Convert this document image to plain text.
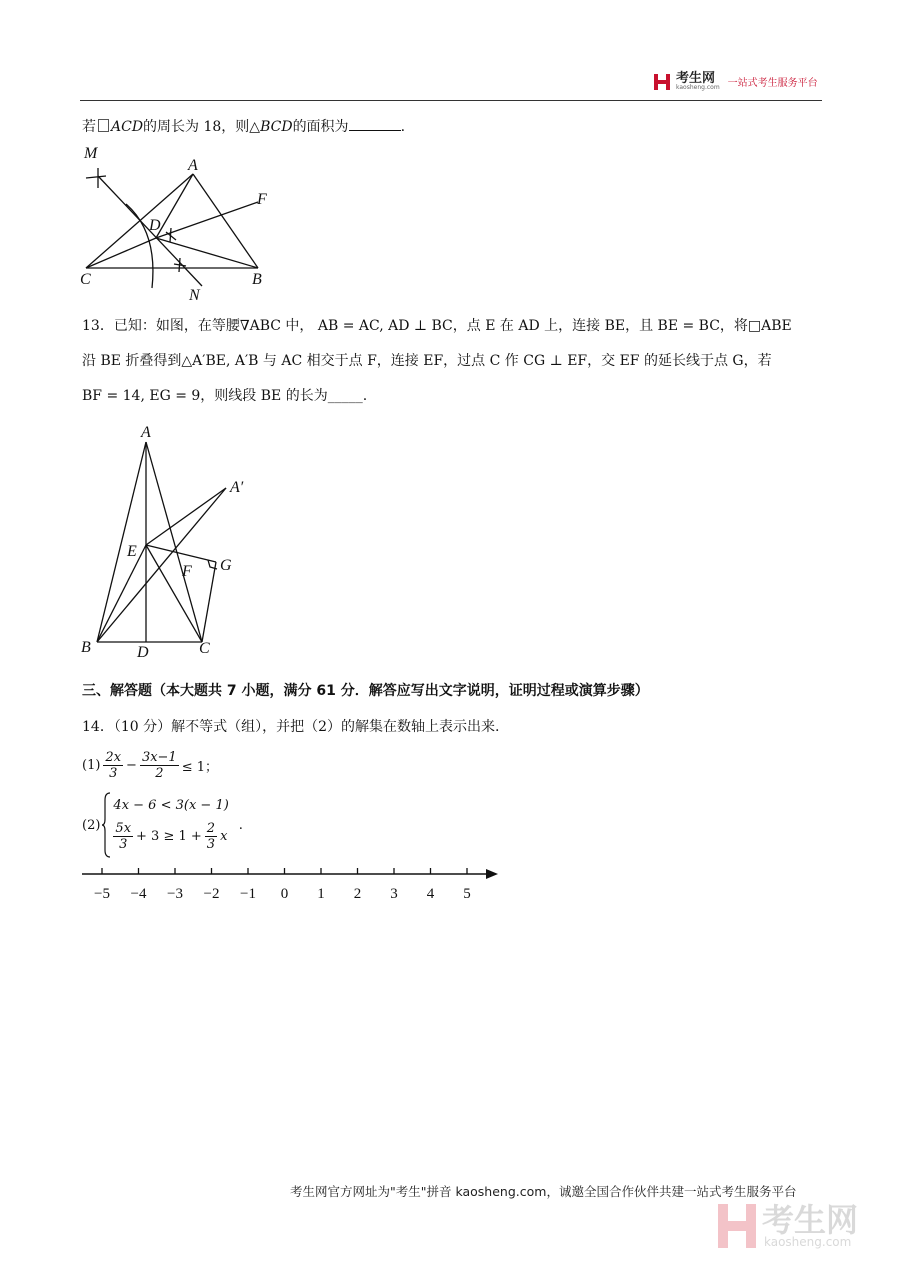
考生网
kaosheng.com 一站式考生服务平台
若 ACD的周长为 18，则△BCD的面积为	.
M
A
F
D
C	B
N
13．已知：如图，在等腰∇ABC 中， AB = AC, AD ⊥ BC，点 E 在 AD 上，连接 BE，且 BE = BC，将□ABE
沿 BE 折叠得到△A′BE, A′B 与 AC 相交于点 F，连接 EF，过点 C 作 CG ⊥ EF，交 EF 的延长线于点 G，若
BF = 14, EG = 9，则线段 BE 的长为_____.
A
A′
E
F G
B	D	C
三、解答题（本大题共 7 小题，满分 61 分．解答应写出文字说明，证明过程或演算步骤）
14．（10 分）解不等式（组），并把（2）的解集在数轴上表示出来.
$(1) \frac{2x}{3} - \frac{3x-1}{2} \le 1$；
(2)
4x − 6 < 3(x − 1)
$\frac{5x}{3} + 3 \ge 1 + \frac{2}{3}$ x
.
−5 −4 −3 −2 −1 0 1 2 3 4 5
考生网官方网址为"考生"拼音 kaosheng.com，诚邀全国合作伙伴共建一站式考生服务平台
考生网
kaosheng.com
